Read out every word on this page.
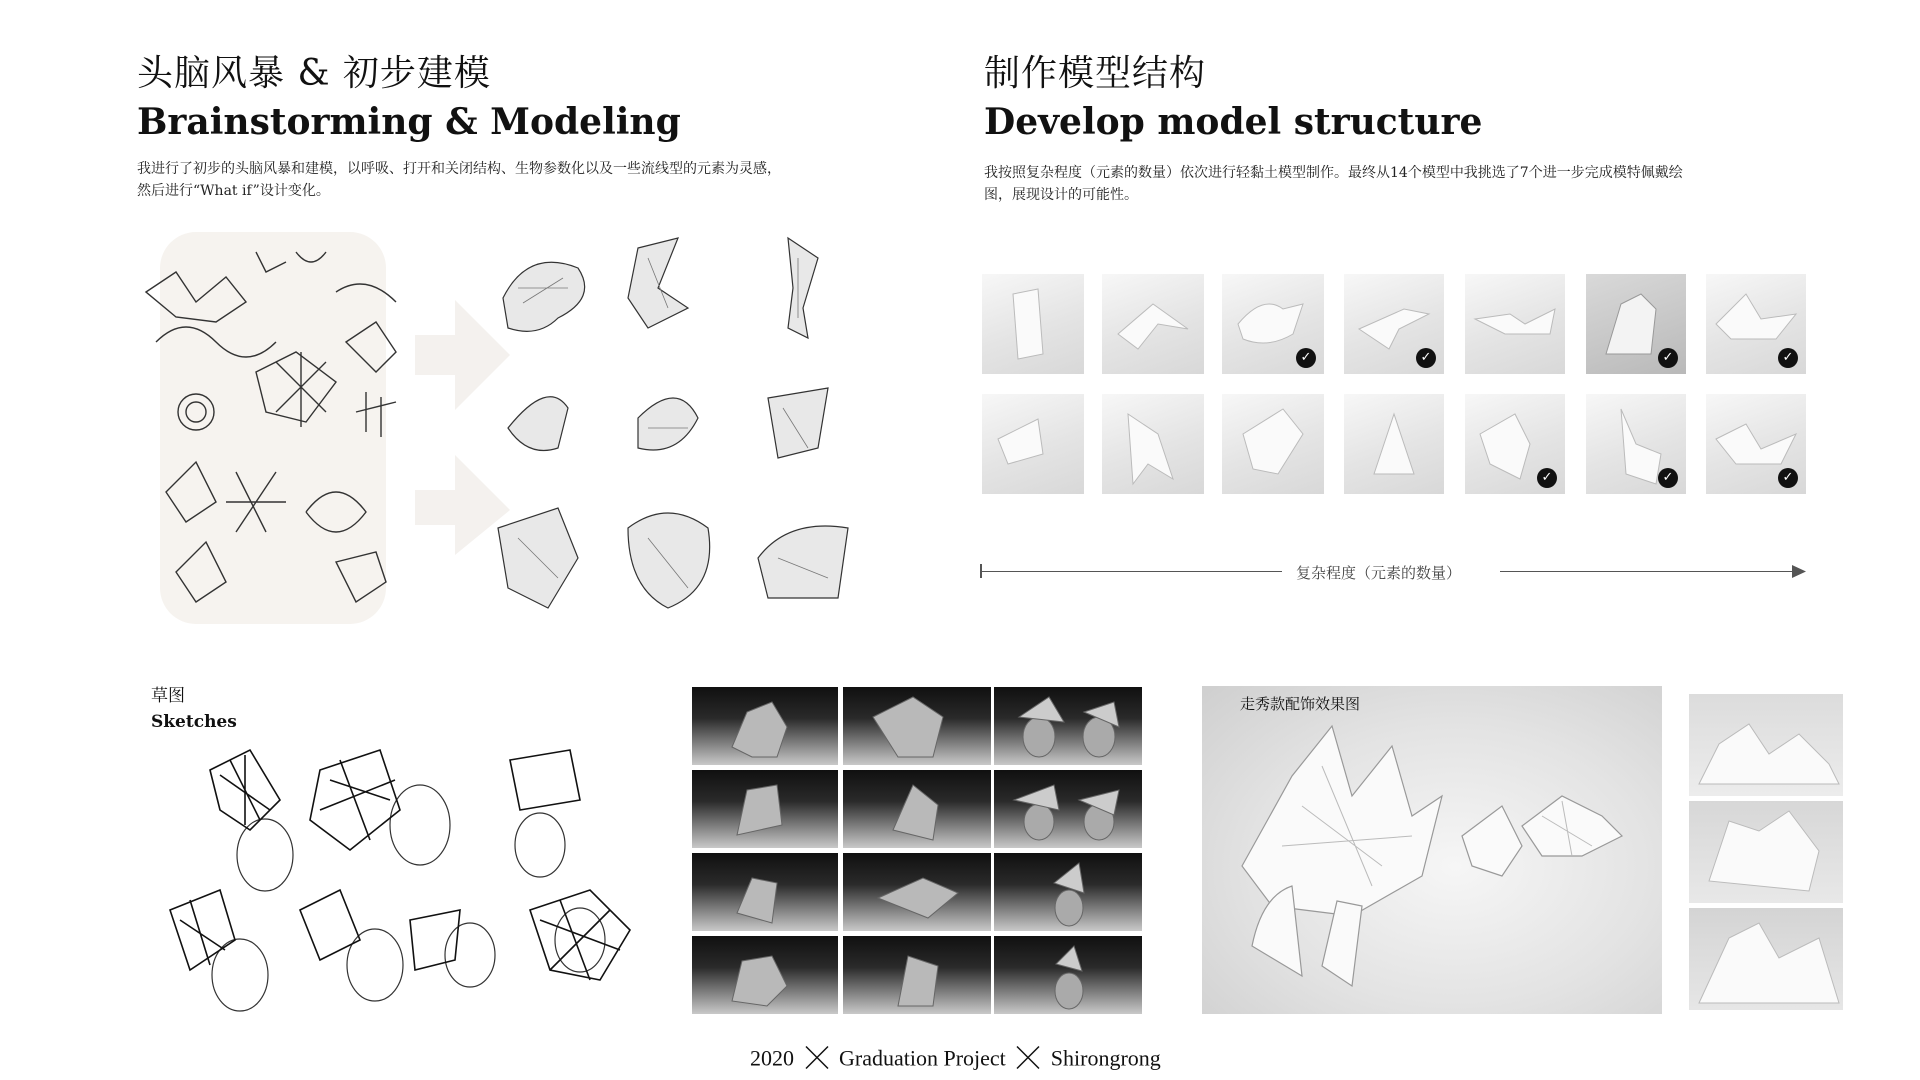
头脑风暴 & 初步建模
Brainstorming & Modeling
我进行了初步的头脑风暴和建模，以呼吸、打开和关闭结构、生物参数化以及一些流线型的元素为灵感，
然后进行“What if”设计变化。
制作模型结构
Develop model structure
我按照复杂程度（元素的数量）依次进行轻黏土模型制作。最终从14个模型中我挑选了7个进一步完成模特佩戴绘
图，展现设计的可能性。
✓	✓	✓	✓
✓	✓	✓
复杂程度（元素的数量）
草图
Sketches
走秀款配饰效果图
2020 Graduation Project Shirongrong
